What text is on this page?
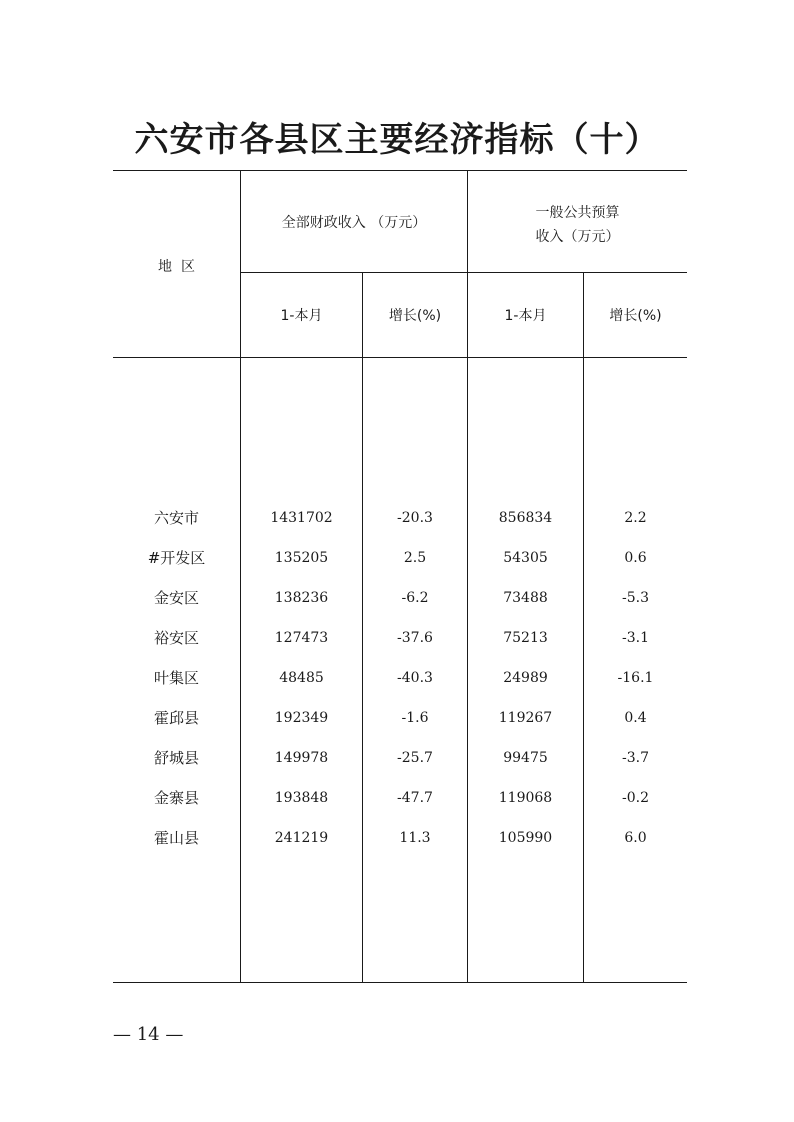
六安市各县区主要经济指标（十）
地  区
全部财政收入 （万元）
一般公共预算
收入（万元）
1-本月	增长(%)	1-本月	增长(%)
六安市	1431702	-20.3	856834	2.2
#开发区	135205	2.5	54305	0.6
金安区	138236	-6.2	73488	-5.3
裕安区	127473	-37.6	75213	-3.1
叶集区	48485	-40.3	24989	-16.1
霍邱县	192349	-1.6	119267	0.4
舒城县	149978	-25.7	99475	-3.7
金寨县	193848	-47.7	119068	-0.2
霍山县	241219	11.3	105990	6.0
— 14 —
